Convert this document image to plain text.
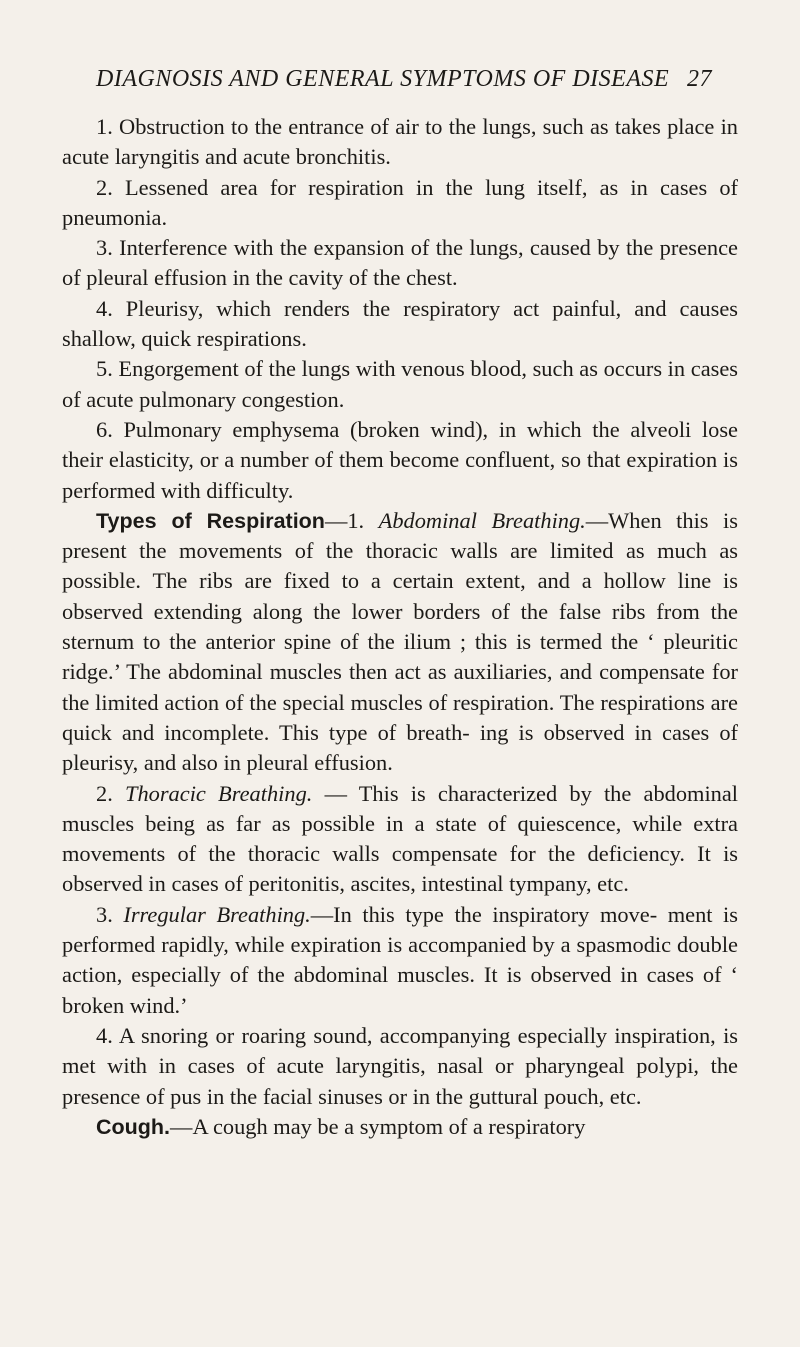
DIAGNOSIS AND GENERAL SYMPTOMS OF DISEASE 27

1. Obstruction to the entrance of air to the lungs, such as takes place in acute laryngitis and acute bronchitis.

2. Lessened area for respiration in the lung itself, as in cases of pneumonia.

3. Interference with the expansion of the lungs, caused by the presence of pleural effusion in the cavity of the chest.

4. Pleurisy, which renders the respiratory act painful, and causes shallow, quick respirations.

5. Engorgement of the lungs with venous blood, such as occurs in cases of acute pulmonary congestion.

6. Pulmonary emphysema (broken wind), in which the alveoli lose their elasticity, or a number of them become confluent, so that expiration is performed with difficulty.

Types of Respiration—1. Abdominal Breathing.—When this is present the movements of the thoracic walls are limited as much as possible. The ribs are fixed to a certain extent, and a hollow line is observed extending along the lower borders of the false ribs from the sternum to the anterior spine of the ilium ; this is termed the ‘ pleuritic ridge.’ The abdominal muscles then act as auxiliaries, and compensate for the limited action of the special muscles of respiration. The respirations are quick and incomplete. This type of breath- ing is observed in cases of pleurisy, and also in pleural effusion.

2. Thoracic Breathing. — This is characterized by the abdominal muscles being as far as possible in a state of quiescence, while extra movements of the thoracic walls compensate for the deficiency. It is observed in cases of peritonitis, ascites, intestinal tympany, etc.

3. Irregular Breathing.—In this type the inspiratory move- ment is performed rapidly, while expiration is accompanied by a spasmodic double action, especially of the abdominal muscles. It is observed in cases of ‘ broken wind.’

4. A snoring or roaring sound, accompanying especially inspiration, is met with in cases of acute laryngitis, nasal or pharyngeal polypi, the presence of pus in the facial sinuses or in the guttural pouch, etc.

Cough.—A cough may be a symptom of a respiratory
